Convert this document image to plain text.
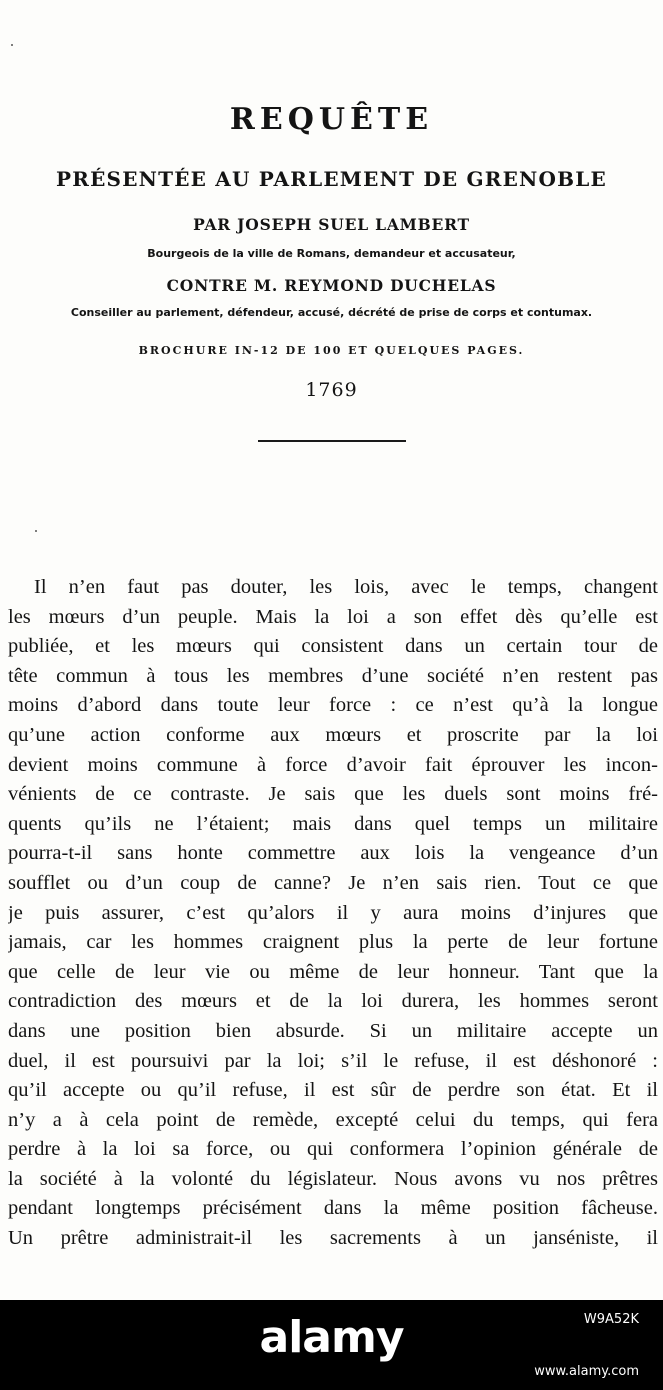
REQUÊTE
PRÉSENTÉE AU PARLEMENT DE GRENOBLE
PAR JOSEPH SUEL LAMBERT
Bourgeois de la ville de Romans, demandeur et accusateur,
CONTRE M. REYMOND DUCHELAS
Conseiller au parlement, défendeur, accusé, décrété de prise de corps et contumax.
BROCHURE IN-12 DE 100 ET QUELQUES PAGES.
1769
Il n’en faut pas douter, les lois, avec le temps, changent
les mœurs d’un peuple. Mais la loi a son effet dès qu’elle est
publiée, et les mœurs qui consistent dans un certain tour de
tête commun à tous les membres d’une société n’en restent pas
moins d’abord dans toute leur force : ce n’est qu’à la longue
qu’une action conforme aux mœurs et proscrite par la loi
devient moins commune à force d’avoir fait éprouver les incon-
vénients de ce contraste. Je sais que les duels sont moins fré-
quents qu’ils ne l’étaient; mais dans quel temps un militaire
pourra-t-il sans honte commettre aux lois la vengeance d’un
soufflet ou d’un coup de canne? Je n’en sais rien. Tout ce que
je puis assurer, c’est qu’alors il y aura moins d’injures que
jamais, car les hommes craignent plus la perte de leur fortune
que celle de leur vie ou même de leur honneur. Tant que la
contradiction des mœurs et de la loi durera, les hommes seront
dans une position bien absurde. Si un militaire accepte un
duel, il est poursuivi par la loi; s’il le refuse, il est déshonoré :
qu’il accepte ou qu’il refuse, il est sûr de perdre son état. Et il
n’y a à cela point de remède, excepté celui du temps, qui fera
perdre à la loi sa force, ou qui conformera l’opinion générale de
la société à la volonté du législateur. Nous avons vu nos prêtres
pendant longtemps précisément dans la même position fâcheuse.
Un prêtre administrait-il les sacrements à un janséniste, il
alamy	W9A52K
www.alamy.com
